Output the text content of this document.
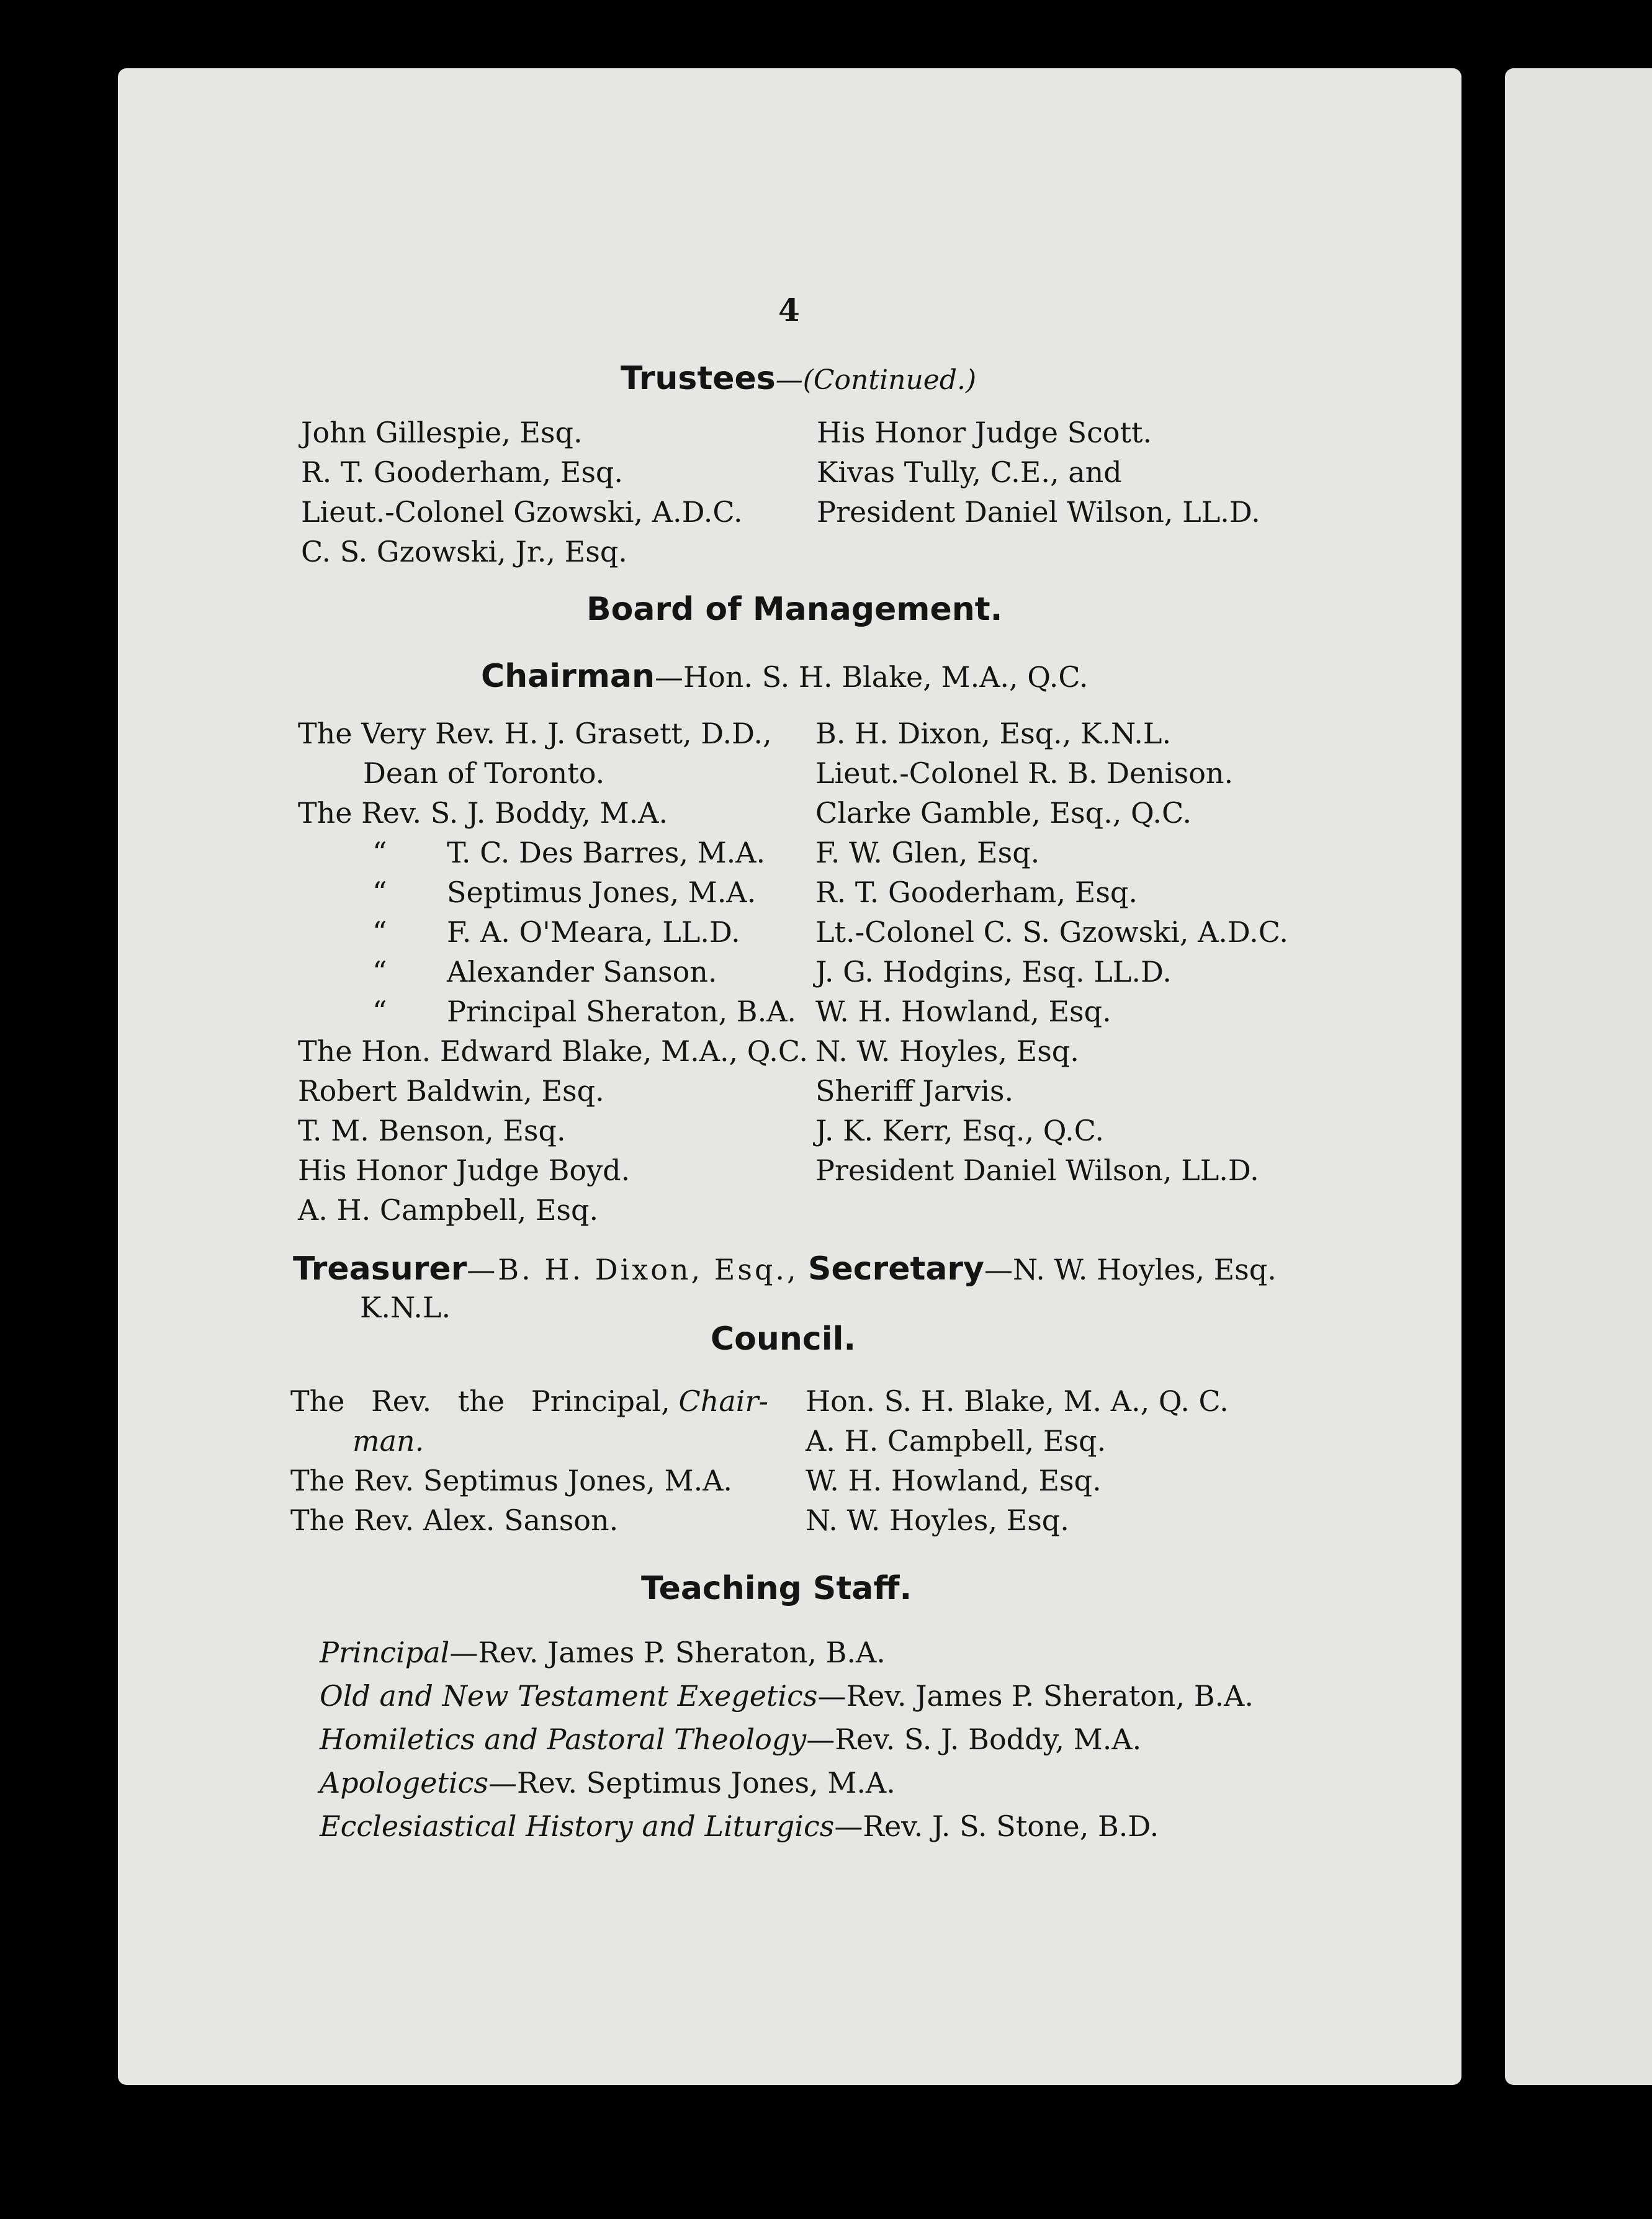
4
Trustees—(Continued.)
John Gillespie, Esq.
R. T. Gooderham, Esq.
Lieut.-Colonel Gzowski, A.D.C.
C. S. Gzowski, Jr., Esq.
His Honor Judge Scott.
Kivas Tully, C.E., and
President Daniel Wilson, LL.D.
Board of Management.
Chairman—Hon. S. H. Blake, M.A., Q.C.
The Very Rev. H. J. Grasett, D.D.,
Dean of Toronto.
The Rev. S. J. Boddy, M.A.
“ T. C. Des Barres, M.A.
“ Septimus Jones, M.A.
“ F. A. O'Meara, LL.D.
“ Alexander Sanson.
“ Principal Sheraton, B.A.
The Hon. Edward Blake, M.A., Q.C.
Robert Baldwin, Esq.
T. M. Benson, Esq.
His Honor Judge Boyd.
A. H. Campbell, Esq.
B. H. Dixon, Esq., K.N.L.
Lieut.-Colonel R. B. Denison.
Clarke Gamble, Esq., Q.C.
F. W. Glen, Esq.
R. T. Gooderham, Esq.
Lt.-Colonel C. S. Gzowski, A.D.C.
J. G. Hodgins, Esq. LL.D.
W. H. Howland, Esq.
N. W. Hoyles, Esq.
Sheriff Jarvis.
J. K. Kerr, Esq., Q.C.
President Daniel Wilson, LL.D.
Treasurer—B. H. Dixon, Esq.,
K.N.L.
Secretary—N. W. Hoyles, Esq.
Council.
The Rev. the Principal, Chair-
man.
The Rev. Septimus Jones, M.A.
The Rev. Alex. Sanson.
Hon. S. H. Blake, M. A., Q. C.
A. H. Campbell, Esq.
W. H. Howland, Esq.
N. W. Hoyles, Esq.
Teaching Staff.
Principal—Rev. James P. Sheraton, B.A.
Old and New Testament Exegetics—Rev. James P. Sheraton, B.A.
Homiletics and Pastoral Theology—Rev. S. J. Boddy, M.A.
Apologetics—Rev. Septimus Jones, M.A.
Ecclesiastical History and Liturgics—Rev. J. S. Stone, B.D.
